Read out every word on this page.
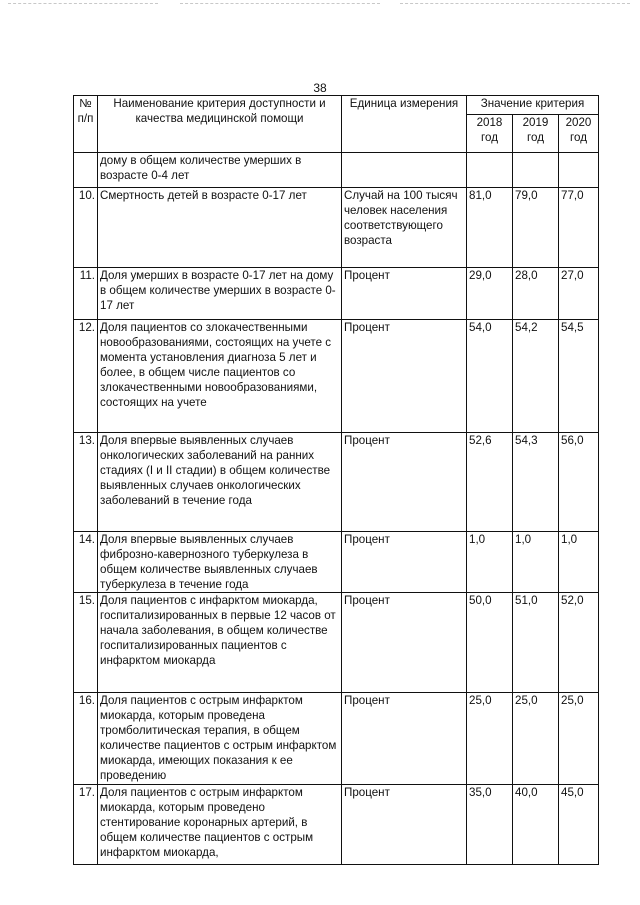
38
№ п/п	Наименование критерия доступности и качества медицинской помощи	Единица измерения	Значение критерия		
			2018 год	2019 год	2020 год
	дому в общем количестве умерших в возрасте 0-4 лет				
10.	Смертность детей в возрасте 0-17 лет	Случай на 100 тысяч человек населения соответствующего возраста	81,0	79,0	77,0
11.	Доля умерших в возрасте 0-17 лет на дому в общем количестве умерших в возрасте 0-17 лет	Процент	29,0	28,0	27,0
12.	Доля пациентов со злокачественными новообразованиями, состоящих на учете с момента установления диагноза 5 лет и более, в общем числе пациентов со злокачественными новообразованиями, состоящих на учете	Процент	54,0	54,2	54,5
13.	Доля впервые выявленных случаев онкологических заболеваний на ранних стадиях (I и II стадии) в общем количестве выявленных случаев онкологических заболеваний в течение года	Процент	52,6	54,3	56,0
14.	Доля впервые выявленных случаев фиброзно-кавернозного туберкулеза в общем количестве выявленных случаев туберкулеза в течение года	Процент	1,0	1,0	1,0
15.	Доля пациентов с инфарктом миокарда, госпитализированных в первые 12 часов от начала заболевания, в общем количестве госпитализированных пациентов с инфарктом миокарда	Процент	50,0	51,0	52,0
16.	Доля пациентов с острым инфарктом миокарда, которым проведена тромболитическая терапия, в общем количестве пациентов с острым инфарктом миокарда, имеющих показания к ее проведению	Процент	25,0	25,0	25,0
17.	Доля пациентов с острым инфарктом миокарда, которым проведено стентирование коронарных артерий, в общем количестве пациентов с острым инфарктом миокарда,	Процент	35,0	40,0	45,0
